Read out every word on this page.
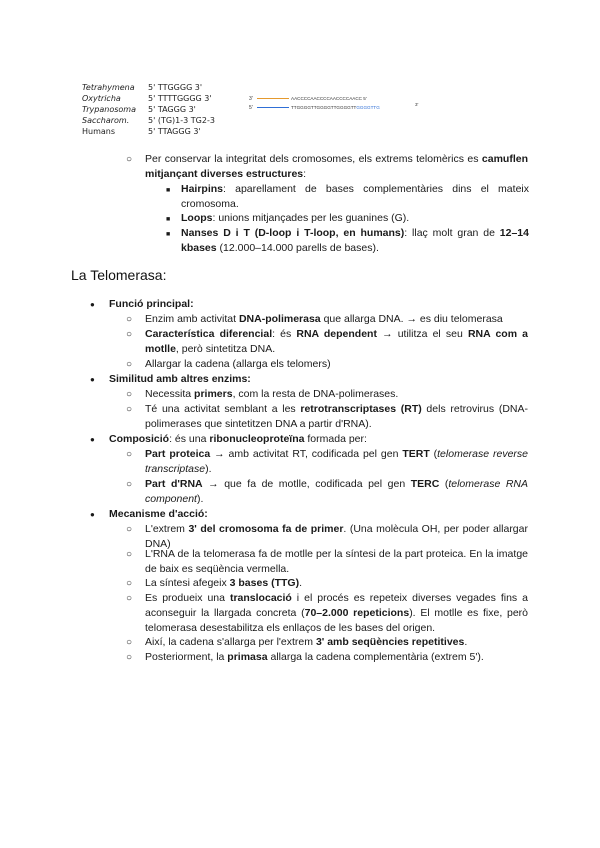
Tetrahymena	5' TTGGGG 3'
Oxytricha	5' TTTTGGGG 3'
Trypanosoma	5' TAGGG 3'
Saccharom.	5' (TG)1-3 TG2-3
Humans	5' TTAGGG 3'
3'	AACCCCAACCCCAACCCCAACC 5'
5'	TTGGGGTTGGGGTTGGGGTTGGGGTTG
3'
○ Per conservar la integritat dels cromosomes, els extrems telomèrics es camuflen mitjançant diverses estructures:
■ Hairpins: aparellament de bases complementàries dins el mateix cromosoma.
■ Loops: unions mitjançades per les guanines (G).
■ Nanses D i T (D-loop i T-loop, en humans): llaç molt gran de 12–14 kbases (12.000–14.000 parells de bases).
La Telomerasa:
● Funció principal:
○ Enzim amb activitat DNA-polimerasa que allarga DNA. → es diu telomerasa
○ Característica diferencial: és RNA dependent → utilitza el seu RNA com a motlle, però sintetitza DNA.
○ Allargar la cadena (allarga els telomers)
● Similitud amb altres enzims:
○ Necessita primers, com la resta de DNA-polimerases.
○ Té una activitat semblant a les retrotranscriptases (RT) dels retrovirus (DNA-polimerases que sintetitzen DNA a partir d'RNA).
● Composició: és una ribonucleoproteïna formada per:
○ Part proteica → amb activitat RT, codificada pel gen TERT (telomerase reverse transcriptase).
○ Part d'RNA → que fa de motlle, codificada pel gen TERC (telomerase RNA component).
● Mecanisme d'acció:
○ L'extrem 3' del cromosoma fa de primer. (Una molècula OH, per poder allargar DNA)
○ L'RNA de la telomerasa fa de motlle per la síntesi de la part proteica. En la imatge de baix es seqüència vermella.
○ La síntesi afegeix 3 bases (TTG).
○ Es produeix una translocació i el procés es repeteix diverses vegades fins a aconseguir la llargada concreta (70–2.000 repeticions). El motlle es fixe, però telomerasa desestabilitza els enllaços de les bases del origen.
○ Així, la cadena s'allarga per l'extrem 3' amb seqüències repetitives.
○ Posteriorment, la primasa allarga la cadena complementària (extrem 5').
